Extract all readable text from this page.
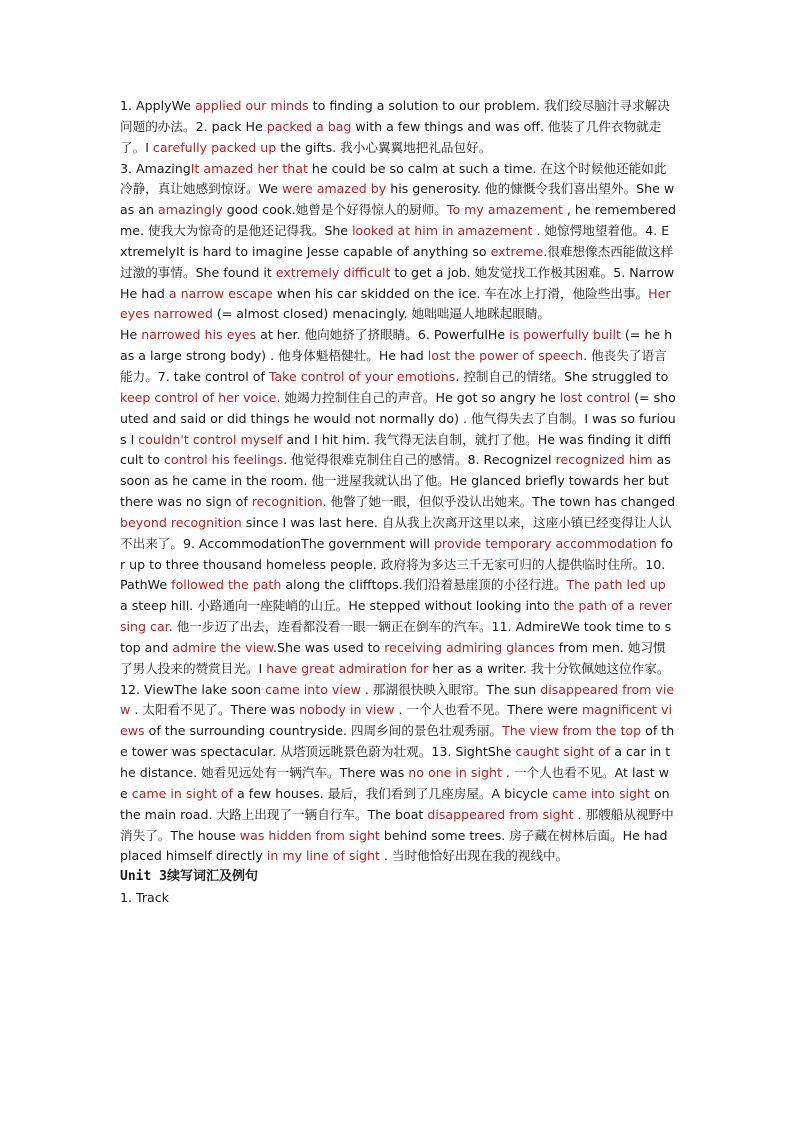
1. ApplyWe applied our minds to finding a solution to our problem. 我们绞尽脑汁寻求解决问题的办法。2. pack He packed a bag with a few things and was off. 他装了几件衣物就走了。I carefully packed up the gifts. 我小心翼翼地把礼品包好。
3. AmazingIt amazed her that he could be so calm at such a time. 在这个时候他还能如此冷静，真让她感到惊讶。We were amazed by his generosity. 他的慷慨令我们喜出望外。She was an amazingly good cook.她曾是个好得惊人的厨师。To my amazement , he remembered me. 使我大为惊奇的是他还记得我。She looked at him in amazement . 她惊愕地望着他。4. ExtremelyIt is hard to imagine Jesse capable of anything so extreme.很难想像杰西能做这样过激的事情。She found it extremely difficult to get a job. 她发觉找工作极其困难。5. NarrowHe had a narrow escape when his car skidded on the ice. 车在冰上打滑，他险些出事。Her eyes narrowed (= almost closed) menacingly. 她咄咄逼人地眯起眼睛。
He narrowed his eyes at her. 他向她挤了挤眼睛。6. PowerfulHe is powerfully built (= he has a large strong body) . 他身体魁梧健壮。He had lost the power of speech. 他丧失了语言能力。7. take control of Take control of your emotions. 控制自己的情绪。She struggled to keep control of her voice. 她竭力控制住自己的声音。He got so angry he lost control (= shouted and said or did things he would not normally do) . 他气得失去了自制。I was so furious I couldn't control myself and I hit him. 我气得无法自制，就打了他。He was finding it difficult to control his feelings. 他觉得很难克制住自己的感情。8. RecognizeI recognized him as soon as he came in the room. 他一进屋我就认出了他。He glanced briefly towards her but there was no sign of recognition. 他瞥了她一眼，但似乎没认出她来。The town has changed beyond recognition since I was last here. 自从我上次离开这里以来，这座小镇已经变得让人认不出来了。9. AccommodationThe government will provide temporary accommodation for up to three thousand homeless people. 政府将为多达三千无家可归的人提供临时住所。10. PathWe followed the path along the clifftops.我们沿着悬崖顶的小径行进。The path led up a steep hill. 小路通向一座陡峭的山丘。He stepped without looking into the path of a reversing car. 他一步迈了出去，连看都没看一眼一辆正在倒车的汽车。11. AdmireWe took time to stop and admire the view.She was used to receiving admiring glances from men. 她习惯了男人投来的赞赏目光。I have great admiration for her as a writer. 我十分钦佩她这位作家。12. ViewThe lake soon came into view . 那湖很快映入眼帘。The sun disappeared from view . 太阳看不见了。There was nobody in view . 一个人也看不见。There were magnificent views of the surrounding countryside. 四周乡间的景色壮观秀丽。The view from the top of the tower was spectacular. 从塔顶远眺景色蔚为壮观。13. SightShe caught sight of a car in the distance. 她看见远处有一辆汽车。There was no one in sight . 一个人也看不见。At last we came in sight of a few houses. 最后，我们看到了几座房屋。A bicycle came into sight on the main road. 大路上出现了一辆自行车。The boat disappeared from sight . 那艘船从视野中消失了。The house was hidden from sight behind some trees. 房子藏在树林后面。He had placed himself directly in my line of sight . 当时他恰好出现在我的视线中。

Unit 3续写词汇及例句

1. Track
